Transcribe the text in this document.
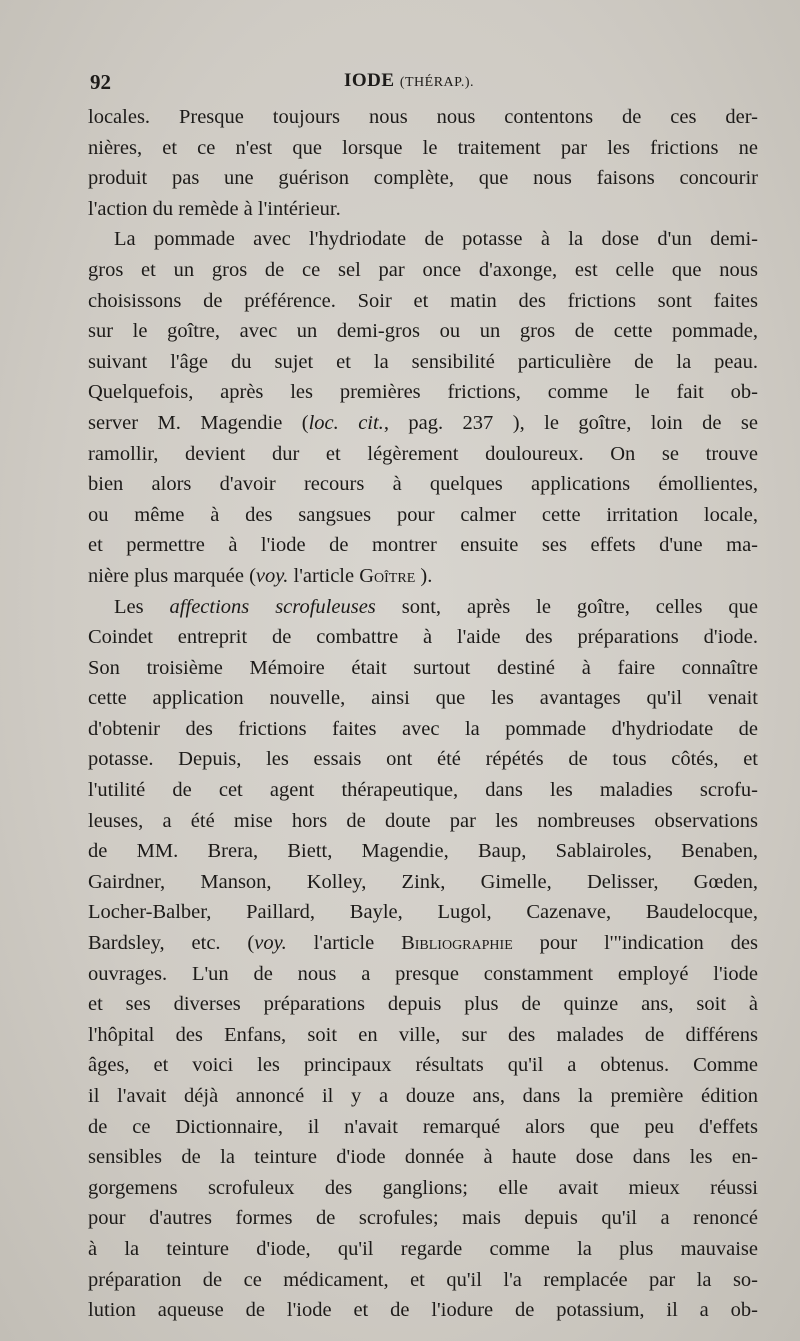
92	IODE (THÉRAP.).
locales. Presque toujours nous nous contentons de ces der-
nières, et ce n'est que lorsque le traitement par les frictions ne
produit pas une guérison complète, que nous faisons concourir
l'action du remède à l'intérieur.
La pommade avec l'hydriodate de potasse à la dose d'un demi-
gros et un gros de ce sel par once d'axonge, est celle que nous
choisissons de préférence. Soir et matin des frictions sont faites
sur le goître, avec un demi-gros ou un gros de cette pommade,
suivant l'âge du sujet et la sensibilité particulière de la peau.
Quelquefois, après les premières frictions, comme le fait ob-
server M. Magendie (loc. cit., pag. 237 ), le goître, loin de se
ramollir, devient dur et légèrement douloureux. On se trouve
bien alors d'avoir recours à quelques applications émollientes,
ou même à des sangsues pour calmer cette irritation locale,
et permettre à l'iode de montrer ensuite ses effets d'une ma-
nière plus marquée (voy. l'article Goître ).
Les affections scrofuleuses sont, après le goître, celles que
Coindet entreprit de combattre à l'aide des préparations d'iode.
Son troisième Mémoire était surtout destiné à faire connaître
cette application nouvelle, ainsi que les avantages qu'il venait
d'obtenir des frictions faites avec la pommade d'hydriodate de
potasse. Depuis, les essais ont été répétés de tous côtés, et
l'utilité de cet agent thérapeutique, dans les maladies scrofu-
leuses, a été mise hors de doute par les nombreuses observations
de MM. Brera, Biett, Magendie, Baup, Sablairoles, Benaben,
Gairdner, Manson, Kolley, Zink, Gimelle, Delisser, Gœden,
Locher-Balber, Paillard, Bayle, Lugol, Cazenave, Baudelocque,
Bardsley, etc. (voy. l'article Bibliographie pour l'"indication des
ouvrages. L'un de nous a presque constamment employé l'iode
et ses diverses préparations depuis plus de quinze ans, soit à
l'hôpital des Enfans, soit en ville, sur des malades de différens
âges, et voici les principaux résultats qu'il a obtenus. Comme
il l'avait déjà annoncé il y a douze ans, dans la première édition
de ce Dictionnaire, il n'avait remarqué alors que peu d'effets
sensibles de la teinture d'iode donnée à haute dose dans les en-
gorgemens scrofuleux des ganglions; elle avait mieux réussi
pour d'autres formes de scrofules; mais depuis qu'il a renoncé
à la teinture d'iode, qu'il regarde comme la plus mauvaise
préparation de ce médicament, et qu'il l'a remplacée par la so-
lution aqueuse de l'iode et de l'iodure de potassium, il a ob-
